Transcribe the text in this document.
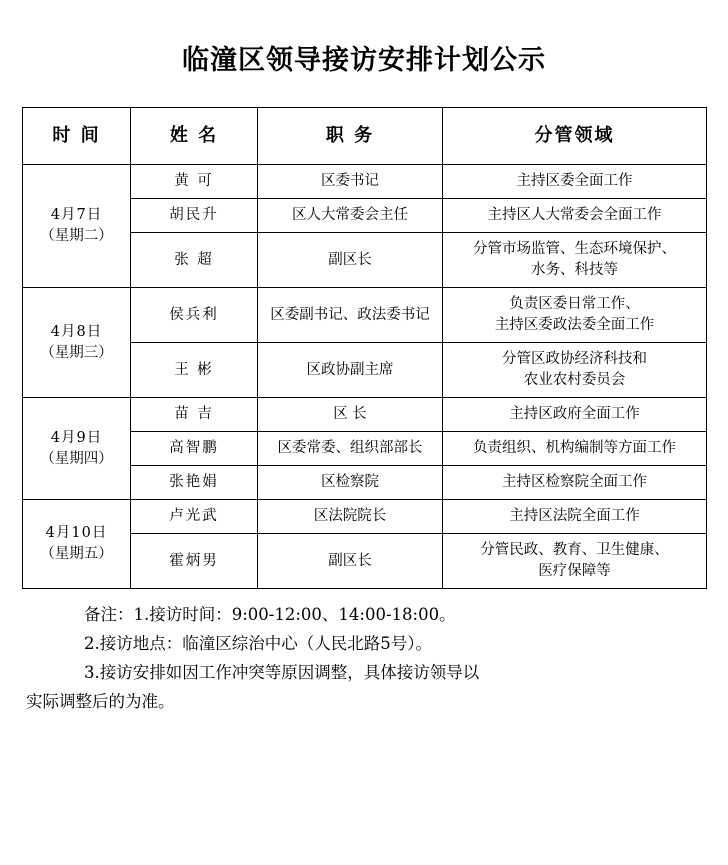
临潼区领导接访安排计划公示
时 间	姓 名	职 务	分管领域

4月7日
（星期二）	黄 可	区委书记	主持区委全面工作

	胡民升	区人大常委会主任	主持区人大常委会全面工作

	张 超	副区长	分管市场监管、生态环境保护、
水务、科技等

4月8日
（星期三）	侯兵利	区委副书记、政法委书记	负责区委日常工作、
主持区委政法委全面工作

	王 彬	区政协副主席	分管区政协经济科技和
农业农村委员会

4月9日
（星期四）	苗 吉	区 长	主持区政府全面工作

	高智鹏	区委常委、组织部部长	负责组织、机构编制等方面工作

	张艳娟	区检察院	主持区检察院全面工作

4月10日
（星期五）	卢光武	区法院院长	主持区法院全面工作

	霍炳男	副区长	分管民政、教育、卫生健康、
医疗保障等
备注：1.接访时间：9:00-12:00、14:00-18:00。
2.接访地点：临潼区综治中心（人民北路5号）。
3.接访安排如因工作冲突等原因调整，具体接访领导以
实际调整后的为准。
